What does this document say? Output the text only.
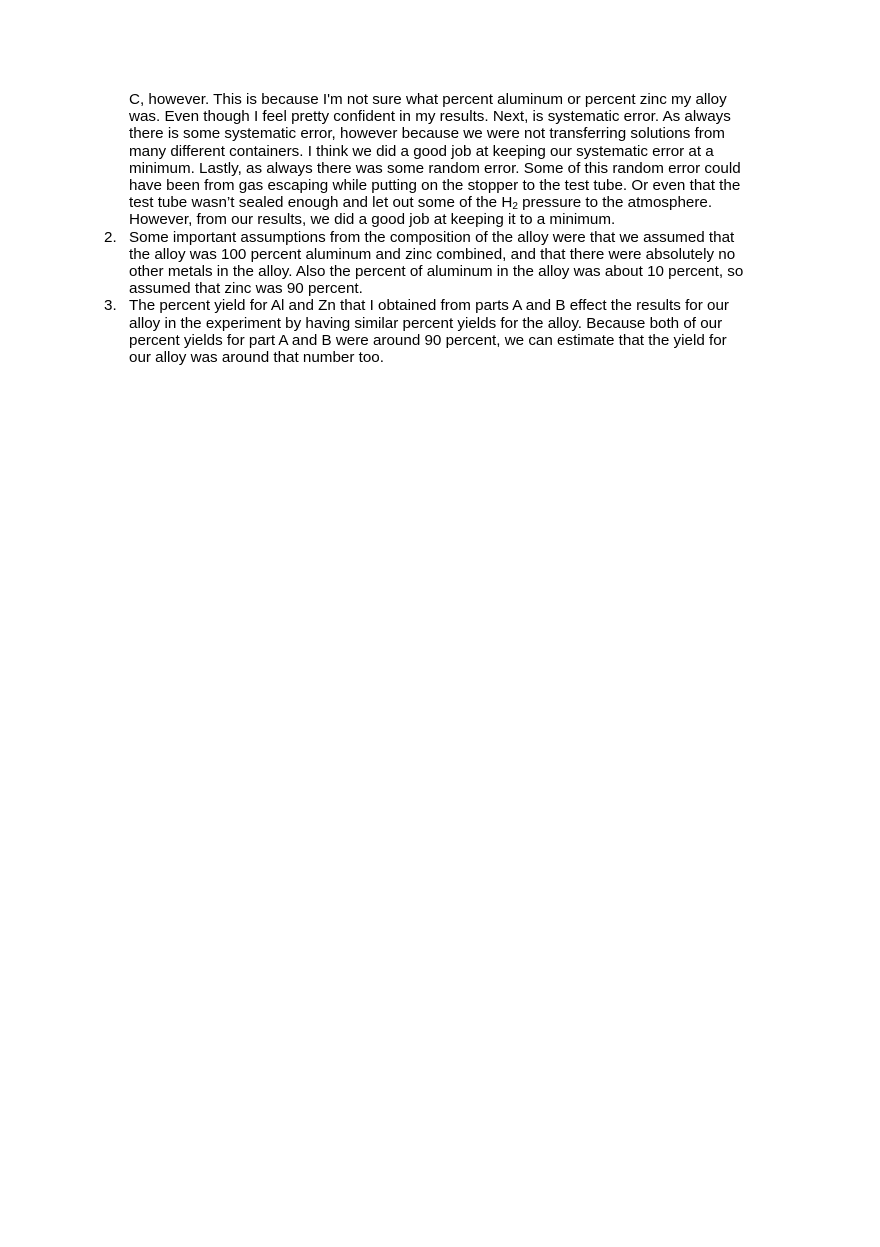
C, however. This is because I'm not sure what percent aluminum or percent zinc my alloy
was. Even though I feel pretty confident in my results. Next, is systematic error. As always
there is some systematic error, however because we were not transferring solutions from
many different containers. I think we did a good job at keeping our systematic error at a
minimum. Lastly, as always there was some random error. Some of this random error could
have been from gas escaping while putting on the stopper to the test tube. Or even that the
test tube wasn’t sealed enough and let out some of the $H_2$ pressure to the atmosphere.
However, from our results, we did a good job at keeping it to a minimum.
2. Some important assumptions from the composition of the alloy were that we assumed that
the alloy was 100 percent aluminum and zinc combined, and that there were absolutely no
other metals in the alloy. Also the percent of aluminum in the alloy was about 10 percent, so
assumed that zinc was 90 percent.
3. The percent yield for Al and Zn that I obtained from parts A and B effect the results for our
alloy in the experiment by having similar percent yields for the alloy. Because both of our
percent yields for part A and B were around 90 percent, we can estimate that the yield for
our alloy was around that number too.
